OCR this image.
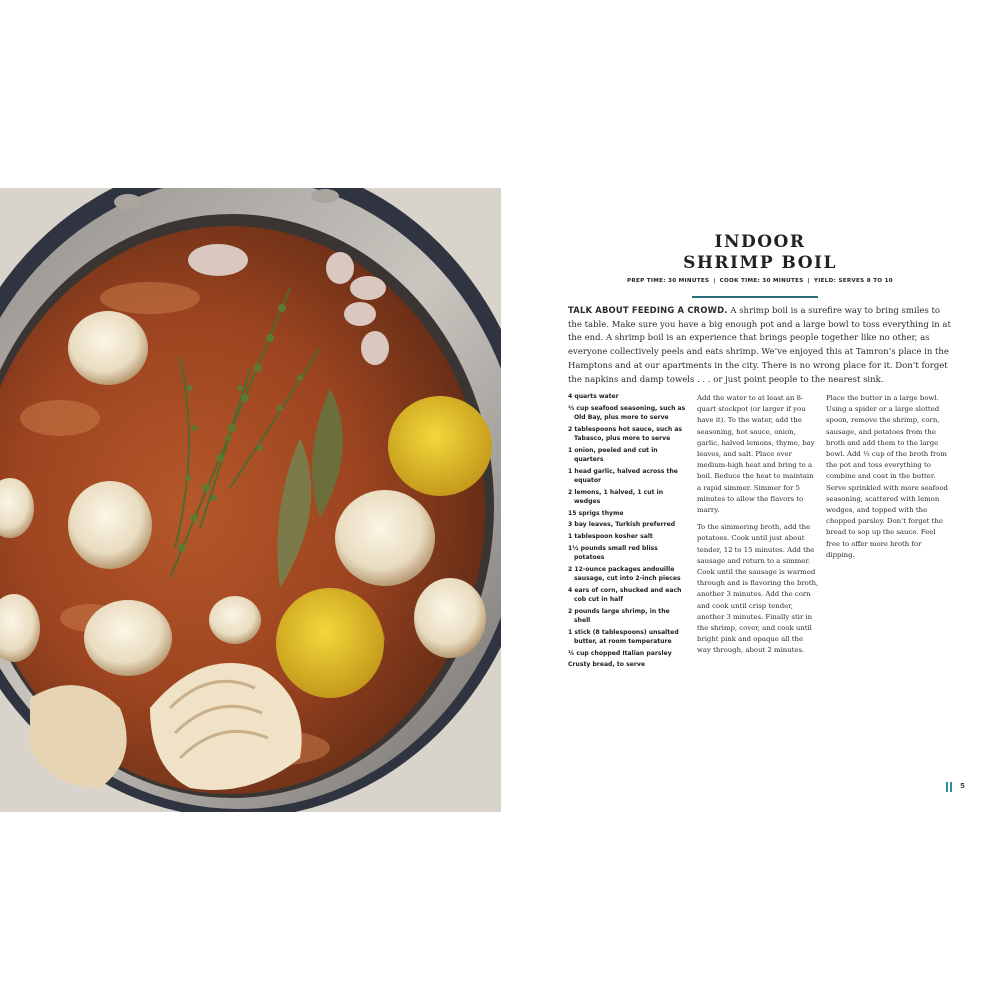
INDOOR
SHRIMP BOIL
PREP TIME: 30 MINUTES | COOK TIME: 30 MINUTES | YIELD: SERVES 8 TO 10

TALK ABOUT FEEDING A CROWD. A shrimp boil is a surefire way to bring smiles to the table. Make sure you have a big enough pot and a large bowl to toss everything in at the end. A shrimp boil is an experience that brings people together like no other, as everyone collectively peels and eats shrimp. We’ve enjoyed this at Tamron’s place in the Hamptons and at our apartments in the city. There is no wrong place for it. Don’t forget the napkins and damp towels . . . or just point people to the nearest sink.

4 quarts water
⅔ cup seafood seasoning, such as Old Bay, plus more to serve
2 tablespoons hot sauce, such as Tabasco, plus more to serve
1 onion, peeled and cut in quarters
1 head garlic, halved across the equator
2 lemons, 1 halved, 1 cut in wedges
15 sprigs thyme
3 bay leaves, Turkish preferred
1 tablespoon kosher salt
1½ pounds small red bliss potatoes
2 12-ounce packages andouille sausage, cut into 2-inch pieces
4 ears of corn, shucked and each cob cut in half
2 pounds large shrimp, in the shell
1 stick (8 tablespoons) unsalted butter, at room temperature
¼ cup chopped Italian parsley
Crusty bread, to serve

Add the water to at least an 8-quart stockpot (or larger if you have it). To the water, add the seasoning, hot sauce, onion, garlic, halved lemons, thyme, bay leaves, and salt. Place over medium-high heat and bring to a boil. Reduce the heat to maintain a rapid simmer. Simmer for 5 minutes to allow the flavors to marry.

To the simmering broth, add the potatoes. Cook until just about tender, 12 to 15 minutes. Add the sausage and return to a simmer. Cook until the sausage is warmed through and is flavoring the broth, another 3 minutes. Add the corn and cook until crisp tender, another 3 minutes. Finally stir in the shrimp, cover, and cook until bright pink and opaque all the way through, about 2 minutes.

Place the butter in a large bowl. Using a spider or a large slotted spoon, remove the shrimp, corn, sausage, and potatoes from the broth and add them to the large bowl. Add ⅓ cup of the broth from the pot and toss everything to combine and coat in the butter. Serve sprinkled with more seafood seasoning, scattered with lemon wedges, and topped with the chopped parsley. Don’t forget the bread to sop up the sauce. Feel free to offer more broth for dipping.

5
